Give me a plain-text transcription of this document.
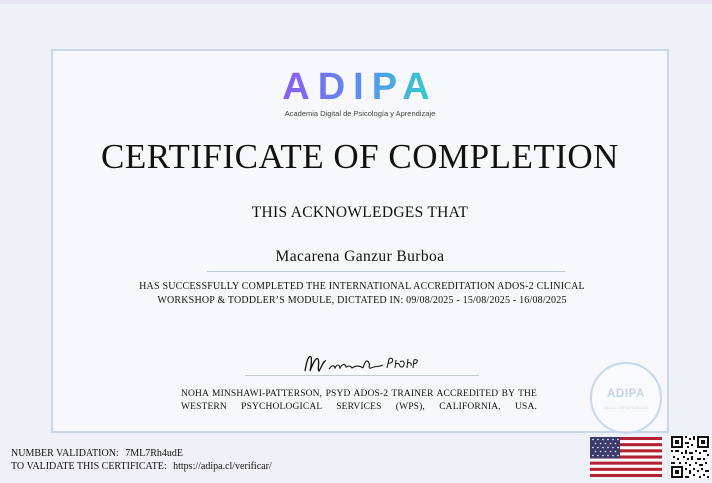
ADIPA
Academia Digital de Psicología y Aprendizaje
CERTIFICATE OF COMPLETION
THIS ACKNOWLEDGES THAT
Macarena Ganzur Burboa
HAS SUCCESSFULLY COMPLETED THE INTERNATIONAL ACCREDITATION ADOS-2 CLINICAL
WORKSHOP & TODDLER’S MODULE, DICTATED IN: 09/08/2025 - 15/08/2025 - 16/08/2025
NOHA MINSHAWI-PATTERSON, PSYD ADOS-2 TRAINER ACCREDITED BY THE
WESTERN PSYCHOLOGICAL SERVICES (WPS), CALIFORNIA, USA.
ADIPA
SELLO CERTIFICACIÓN
NUMBER VALIDATION: 7ML7Rh4udE
TO VALIDATE THIS CERTIFICATE: https://adipa.cl/verificar/
